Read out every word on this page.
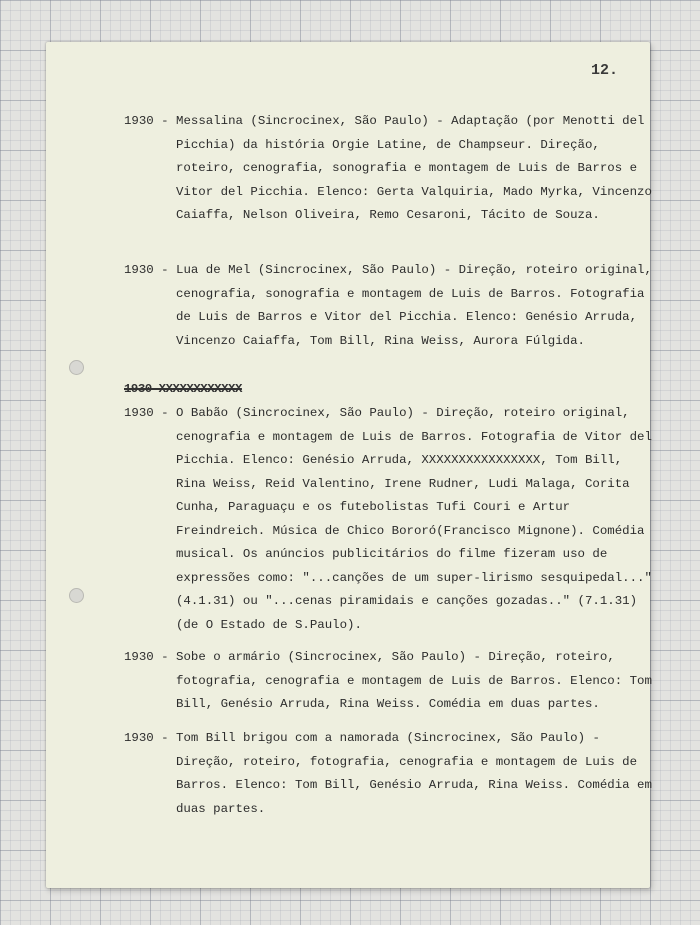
12.
1930 - Messalina (Sincrocinex, São Paulo) - Adaptação (por Menotti del Picchia) da história Orgie Latine, de Champseur. Direção, roteiro, cenografia, sonografia e montagem de Luis de Barros e Vitor del Picchia. Elenco: Gerta Valquiria, Mado Myrka, Vincenzo Caiaffa, Nelson Oliveira, Remo Cesaroni, Tácito de Souza.
1930 - Lua de Mel (Sincrocinex, São Paulo) - Direção, roteiro original, cenografia, sonografia e montagem de Luis de Barros. Fotografia de Luis de Barros e Vitor del Picchia. Elenco: Genésio Arruda, Vincenzo Caiaffa, Tom Bill, Rina Weiss, Aurora Fúlgida.
1930-XXXXXXXXXXXX
1930 - O Babão (Sincrocinex, São Paulo) - Direção, roteiro original, cenografia e montagem de Luis de Barros. Fotografia de Vitor del Picchia. Elenco: Genésio Arruda, XXXXXXXXXXXXXXXX, Tom Bill, Rina Weiss, Reid Valentino, Irene Rudner, Ludi Malaga, Corita Cunha, Paraguaçu e os futebolistas Tufi Couri e Artur Freindreich. Música de Chico Bororó(Francisco Mignone). Comédia musical. Os anúncios publicitários do filme fizeram uso de expressões como: "...canções de um super-lirismo sesquipedal..." (4.1.31) ou "...cenas piramidais e canções gozadas.." (7.1.31) (de O Estado de S.Paulo).
1930 - Sobe o armário (Sincrocinex, São Paulo) - Direção, roteiro, fotografia, cenografia e montagem de Luis de Barros. Elenco: Tom Bill, Genésio Arruda, Rina Weiss. Comédia em duas partes.
1930 - Tom Bill brigou com a namorada (Sincrocinex, São Paulo) - Direção, roteiro, fotografia, cenografia e montagem de Luis de Barros. Elenco: Tom Bill, Genésio Arruda, Rina Weiss. Comédia em duas partes.
